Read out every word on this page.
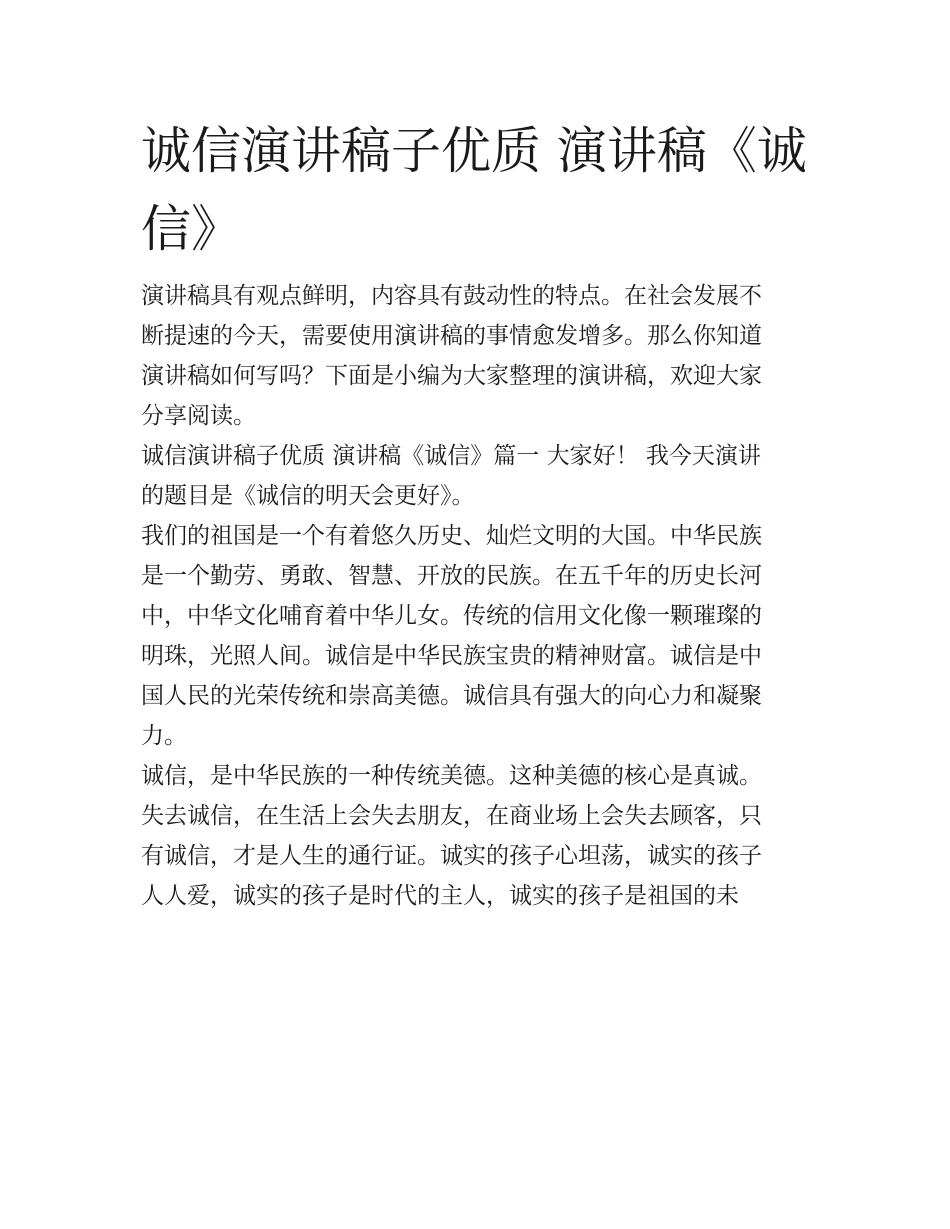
诚信演讲稿子优质 演讲稿《诚
信》

演讲稿具有观点鲜明，内容具有鼓动性的特点。在社会发展不
断提速的今天，需要使用演讲稿的事情愈发增多。那么你知道
演讲稿如何写吗？下面是小编为大家整理的演讲稿，欢迎大家
分享阅读。

诚信演讲稿子优质 演讲稿《诚信》篇一 大家好！ 我今天演讲
的题目是《诚信的明天会更好》。

我们的祖国是一个有着悠久历史、灿烂文明的大国。中华民族
是一个勤劳、勇敢、智慧、开放的民族。在五千年的历史长河
中，中华文化哺育着中华儿女。传统的信用文化像一颗璀璨的
明珠，光照人间。诚信是中华民族宝贵的精神财富。诚信是中
国人民的光荣传统和崇高美德。诚信具有强大的向心力和凝聚
力。

诚信，是中华民族的一种传统美德。这种美德的核心是真诚。
失去诚信，在生活上会失去朋友，在商业场上会失去顾客，只
有诚信，才是人生的通行证。诚实的孩子心坦荡，诚实的孩子
人人爱，诚实的孩子是时代的主人，诚实的孩子是祖国的未
